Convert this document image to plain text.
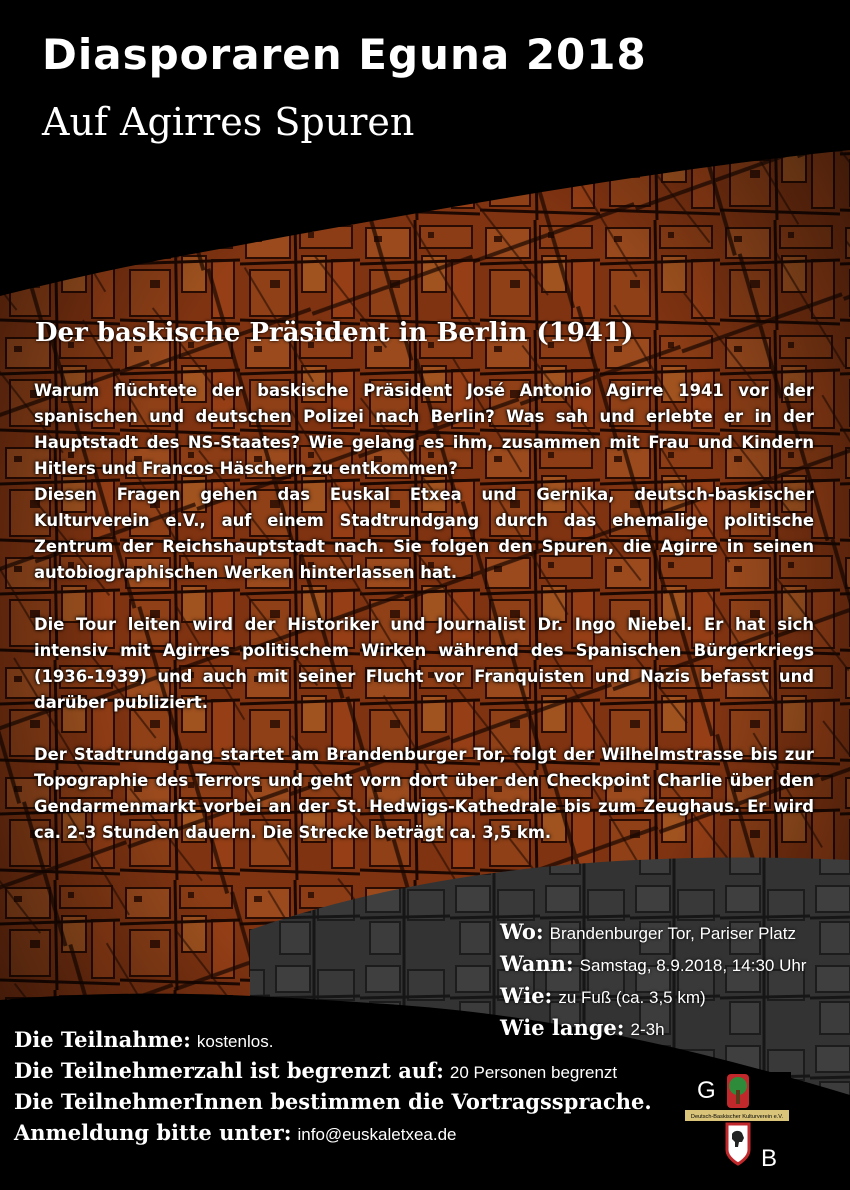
Diasporaren Eguna 2018
Auf Agirres Spuren
Der baskische Präsident in Berlin (1941)

Warum flüchtete der baskische Präsident José Antonio Agirre 1941 vor der spanischen und deutschen Polizei nach Berlin? Was sah und erlebte er in der Hauptstadt des NS-Staates? Wie gelang es ihm, zusammen mit Frau und Kindern Hitlers und Francos Häschern zu entkommen?

Diesen Fragen gehen das Euskal Etxea und Gernika, deutsch-baskischer Kulturverein e.V., auf einem Stadtrundgang durch das ehemalige politische Zentrum der Reichshauptstadt nach. Sie folgen den Spuren, die Agirre in seinen autobiographischen Werken hinterlassen hat.

Die Tour leiten wird der Historiker und Journalist Dr. Ingo Niebel. Er hat sich intensiv mit Agirres politischem Wirken während des Spanischen Bürgerkriegs (1936-1939) und auch mit seiner Flucht vor Franquisten und Nazis befasst und darüber publiziert.

Der Stadtrundgang startet am Brandenburger Tor, folgt der Wilhelmstrasse bis zur Topographie des Terrors und geht vorn dort über den Checkpoint Charlie über den Gendarmenmarkt vorbei an der St. Hedwigs-Kathedrale bis zum Zeughaus. Er wird ca. 2-3 Stunden dauern. Die Strecke beträgt ca. 3,5 km.

Wo: Brandenburger Tor, Pariser Platz
Wann: Samstag, 8.9.2018, 14:30 Uhr
Wie: zu Fuß (ca. 3,5 km)
Wie lange: 2-3h
Die Teilnahme: kostenlos.
Die Teilnehmerzahl ist begrenzt auf: 20 Personen begrenzt
Die TeilnehmerInnen bestimmen die Vortragssprache.
Anmeldung bitte unter: info@euskaletxea.de
G
B
Deutsch-Baskischer Kulturverein e.V.
